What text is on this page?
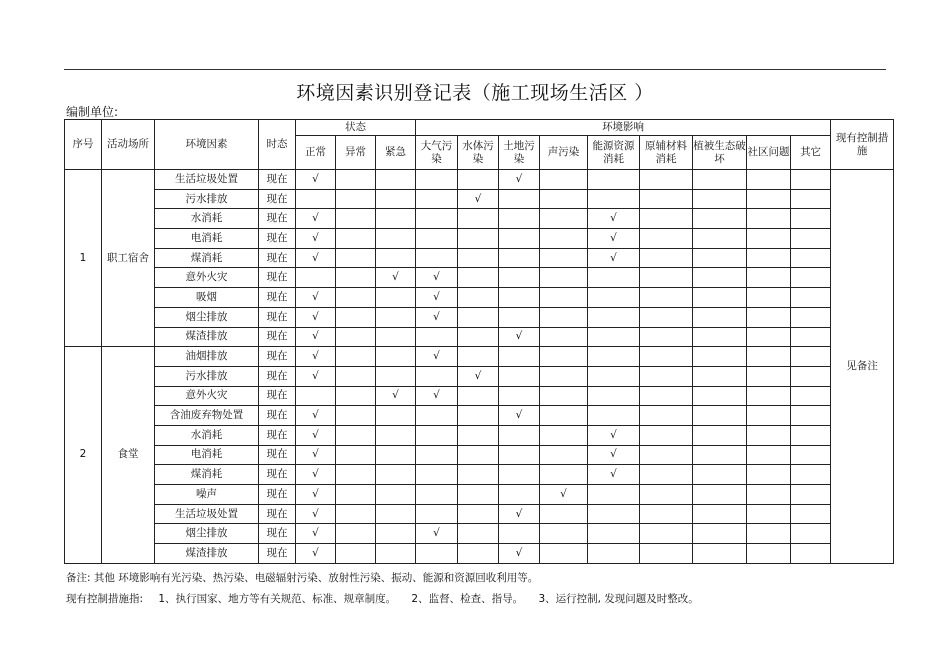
环境因素识别登记表（施工现场生活区 ）
编制单位:
序号	活动场所	环境因素	时态	状态			环境影响									现有控制措施
				正常	异常	紧急	大气污染	水体污染	土地污染	声污染	能源资源消耗	原辅材料消耗	植被生态破坏	社区问题	其它	
1	职工宿舍	生活垃圾处置	现在	√					√							见备注
		污水排放	现在					√								
		水消耗	现在	√							√					
		电消耗	现在	√							√					
		煤消耗	现在	√							√					
		意外火灾	现在			√	√									
		吸烟	现在	√			√									
		烟尘排放	现在	√			√									
		煤渣排放	现在	√					√							
2	食堂	油烟排放	现在	√			√									
		污水排放	现在	√				√								
		意外火灾	现在			√	√									
		含油废弃物处置	现在	√					√							
		水消耗	现在	√							√					
		电消耗	现在	√							√					
		煤消耗	现在	√							√					
		噪声	现在	√						√						
		生活垃圾处置	现在	√					√							
		烟尘排放	现在	√			√									
		煤渣排放	现在	√					√							
备注: 其他 环境影响有光污染、热污染、电磁辐射污染、放射性污染、振动、能源和资源回收利用等。
现有控制措施指: 1、执行国家、地方等有关规范、标准、规章制度。 2、监督、检查、指导。 3、运行控制, 发现问题及时整改。
